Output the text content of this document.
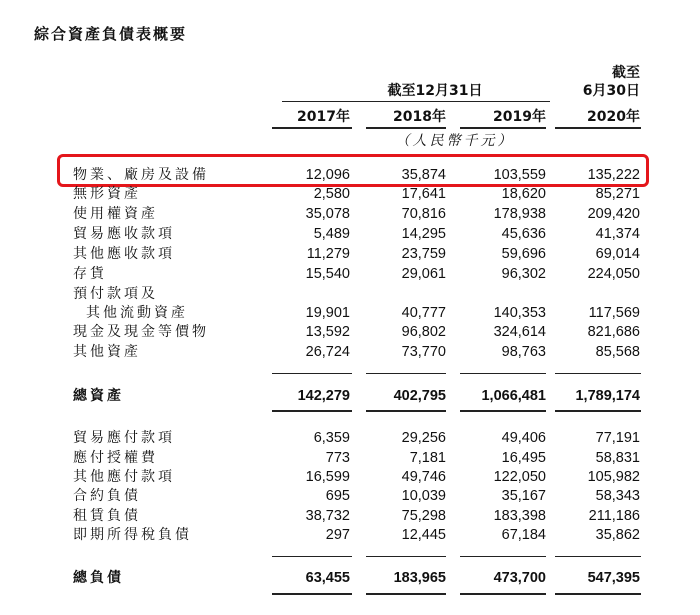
綜合資產負債表概要
截至12月31日
截至
6月30日
2017年	2018年	2019年	2020年
（人民幣千元）
物業、廠房及設備	12,096	35,874	103,559	135,222
無形資產	2,580	17,641	18,620	85,271
使用權資產	35,078	70,816	178,938	209,420
貿易應收款項	5,489	14,295	45,636	41,374
其他應收款項	11,279	23,759	59,696	69,014
存貨	15,540	29,061	96,302	224,050
預付款項及
其他流動資產	19,901	40,777	140,353	117,569
現金及現金等價物	13,592	96,802	324,614	821,686
其他資產	26,724	73,770	98,763	85,568
總資產	142,279	402,795	1,066,481	1,789,174
貿易應付款項	6,359	29,256	49,406	77,191
應付授權費	773	7,181	16,495	58,831
其他應付款項	16,599	49,746	122,050	105,982
合約負債	695	10,039	35,167	58,343
租賃負債	38,732	75,298	183,398	211,186
即期所得稅負債	297	12,445	67,184	35,862
總負債	63,455	183,965	473,700	547,395
